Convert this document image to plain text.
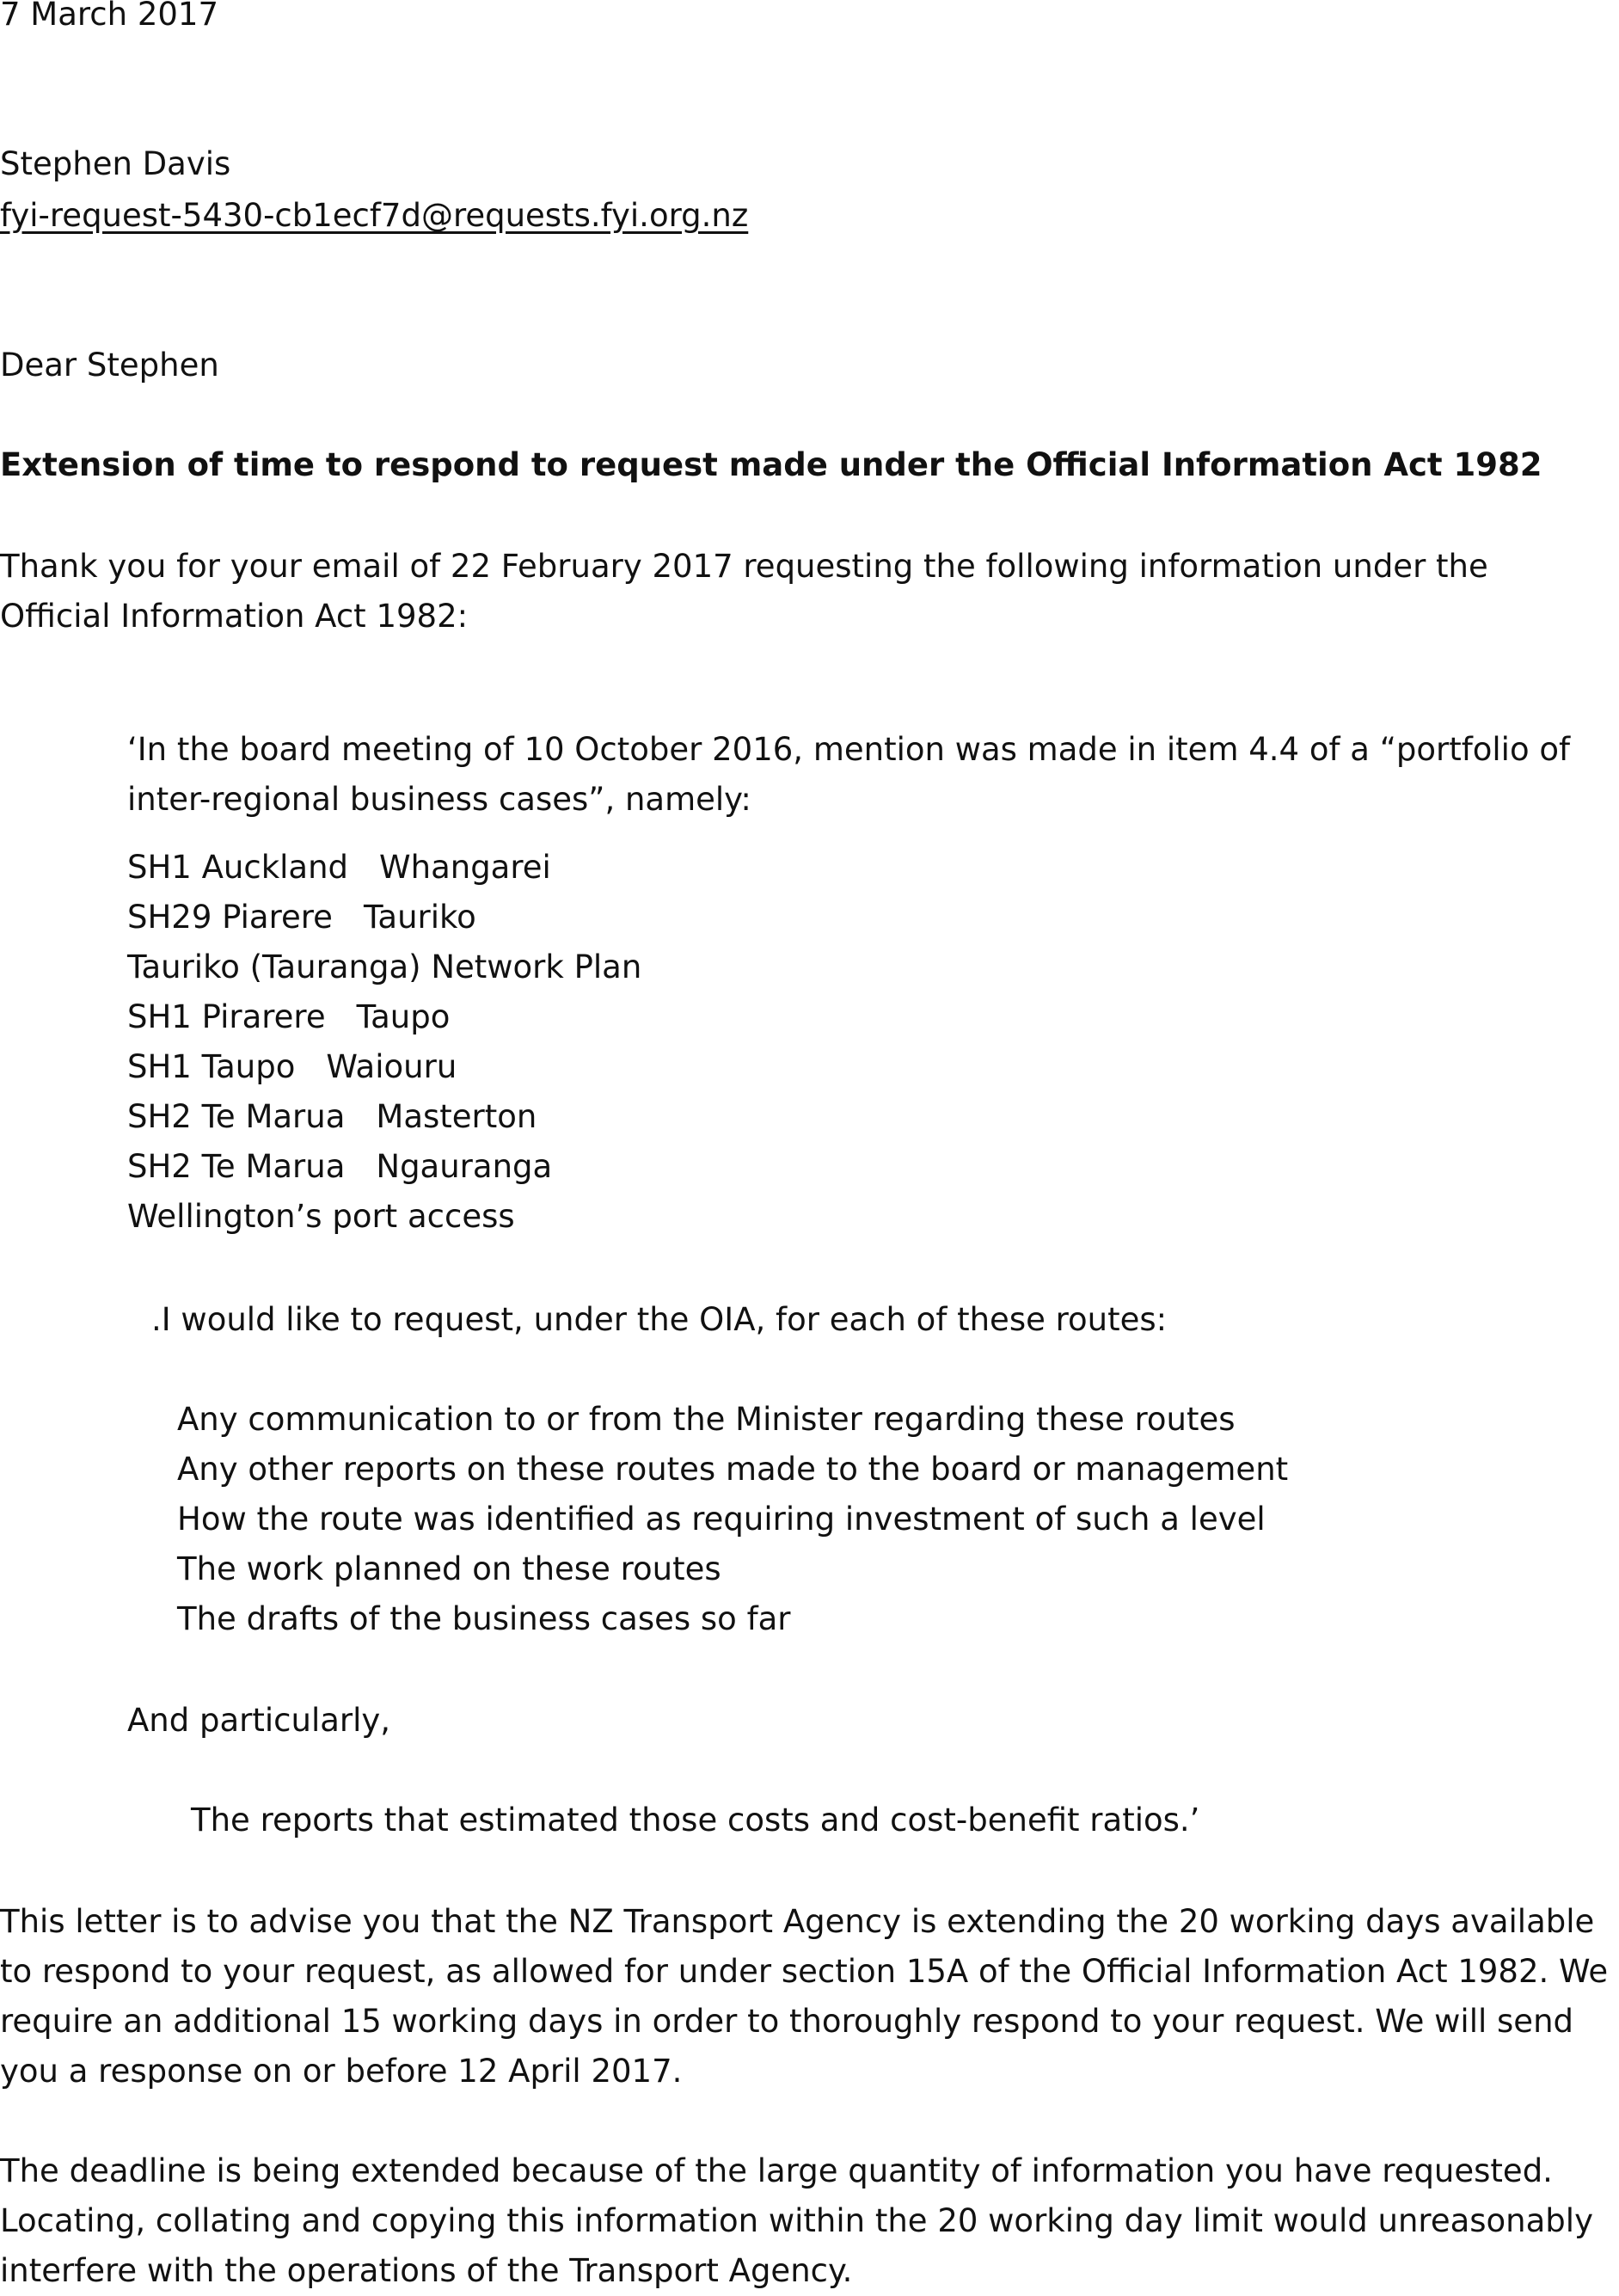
7 March 2017

Stephen Davis

fyi-request-5430-cb1ecf7d@requests.fyi.org.nz

Dear Stephen

Extension of time to respond to request made under the Official Information Act 1982

Thank you for your email of 22 February 2017 requesting the following information under the Official Information Act 1982:

‘In the board meeting of 10 October 2016, mention was made in item 4.4 of a “portfolio of inter-regional business cases”, namely:

SH1 Auckland Whangarei
SH29 Piarere Tauriko
Tauriko (Tauranga) Network Plan
SH1 Pirarere Taupo
SH1 Taupo Waiouru
SH2 Te Marua Masterton
SH2 Te Marua Ngauranga
Wellington’s port access

.I would like to request, under the OIA, for each of these routes:

Any communication to or from the Minister regarding these routes
Any other reports on these routes made to the board or management
How the route was identified as requiring investment of such a level
The work planned on these routes
The drafts of the business cases so far

And particularly,

The reports that estimated those costs and cost-benefit ratios.’

This letter is to advise you that the NZ Transport Agency is extending the 20 working days available to respond to your request, as allowed for under section 15A of the Official Information Act 1982. We require an additional 15 working days in order to thoroughly respond to your request. We will send you a response on or before 12 April 2017.

The deadline is being extended because of the large quantity of information you have requested. Locating, collating and copying this information within the 20 working day limit would unreasonably interfere with the operations of the Transport Agency.
